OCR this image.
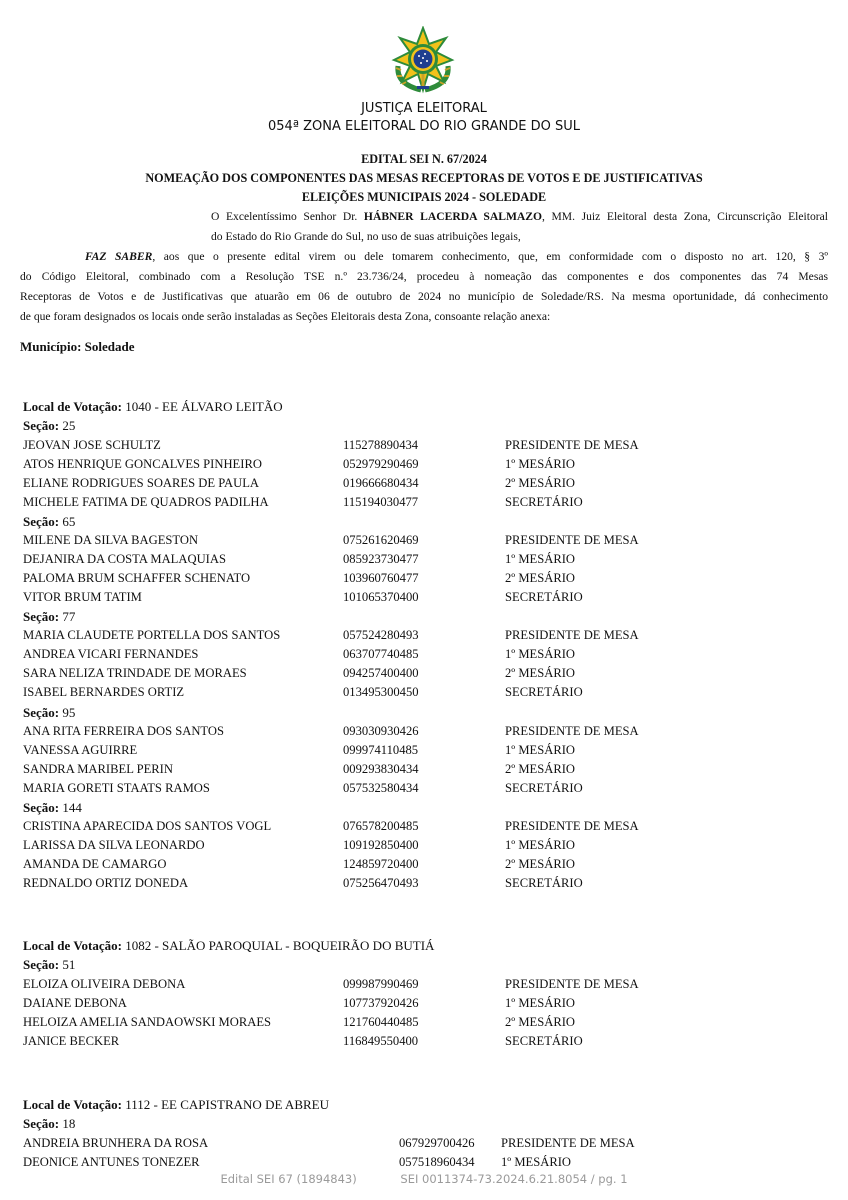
JUSTIÇA ELEITORAL
054ª ZONA ELEITORAL DO RIO GRANDE DO SUL
EDITAL SEI N. 67/2024
NOMEAÇÃO DOS COMPONENTES DAS MESAS RECEPTORAS DE VOTOS E DE JUSTIFICATIVAS
ELEIÇÕES MUNICIPAIS 2024 - SOLEDADE
O Excelentíssimo Senhor Dr. HÁBNER LACERDA SALMAZO, MM. Juiz Eleitoral desta Zona, Circunscrição Eleitoral
do Estado do Rio Grande do Sul, no uso de suas atribuições legais,
FAZ SABER, aos que o presente edital virem ou dele tomarem conhecimento, que, em conformidade com o disposto no art. 120, § 3º
do Código Eleitoral, combinado com a Resolução TSE n.º 23.736/24, procedeu à nomeação das componentes e dos componentes das 74 Mesas
Receptoras de Votos e de Justificativas que atuarão em 06 de outubro de 2024 no município de Soledade/RS. Na mesma oportunidade, dá conhecimento
de que foram designados os locais onde serão instaladas as Seções Eleitorais desta Zona, consoante relação anexa:
Município: Soledade
Local de Votação: 1040 - EE ÁLVARO LEITÃO
Seção: 25
JEOVAN JOSE SCHULTZ	115278890434	PRESIDENTE DE MESA
ATOS HENRIQUE GONCALVES PINHEIRO	052979290469	1º MESÁRIO
ELIANE RODRIGUES SOARES DE PAULA	019666680434	2º MESÁRIO
MICHELE FATIMA DE QUADROS PADILHA	115194030477	SECRETÁRIO
Seção: 65
MILENE DA SILVA BAGESTON	075261620469	PRESIDENTE DE MESA
DEJANIRA DA COSTA MALAQUIAS	085923730477	1º MESÁRIO
PALOMA BRUM SCHAFFER SCHENATO	103960760477	2º MESÁRIO
VITOR BRUM TATIM	101065370400	SECRETÁRIO
Seção: 77
MARIA CLAUDETE PORTELLA DOS SANTOS	057524280493	PRESIDENTE DE MESA
ANDREA VICARI FERNANDES	063707740485	1º MESÁRIO
SARA NELIZA TRINDADE DE MORAES	094257400400	2º MESÁRIO
ISABEL BERNARDES ORTIZ	013495300450	SECRETÁRIO
Seção: 95
ANA RITA FERREIRA DOS SANTOS	093030930426	PRESIDENTE DE MESA
VANESSA AGUIRRE	099974110485	1º MESÁRIO
SANDRA MARIBEL PERIN	009293830434	2º MESÁRIO
MARIA GORETI STAATS RAMOS	057532580434	SECRETÁRIO
Seção: 144
CRISTINA APARECIDA DOS SANTOS VOGL	076578200485	PRESIDENTE DE MESA
LARISSA DA SILVA LEONARDO	109192850400	1º MESÁRIO
AMANDA DE CAMARGO	124859720400	2º MESÁRIO
REDNALDO ORTIZ DONEDA	075256470493	SECRETÁRIO
Local de Votação: 1082 - SALÃO PAROQUIAL - BOQUEIRÃO DO BUTIÁ
Seção: 51
ELOIZA OLIVEIRA DEBONA	099987990469	PRESIDENTE DE MESA
DAIANE DEBONA	107737920426	1º MESÁRIO
HELOIZA AMELIA SANDAOWSKI MORAES	121760440485	2º MESÁRIO
JANICE BECKER	116849550400	SECRETÁRIO
Local de Votação: 1112 - EE CAPISTRANO DE ABREU
Seção: 18
ANDREIA BRUNHERA DA ROSA	067929700426 PRESIDENTE DE MESA
DEONICE ANTUNES TONEZER	057518960434 1º MESÁRIO
Edital SEI 67 (1894843)	SEI 0011374-73.2024.6.21.8054 / pg. 1
